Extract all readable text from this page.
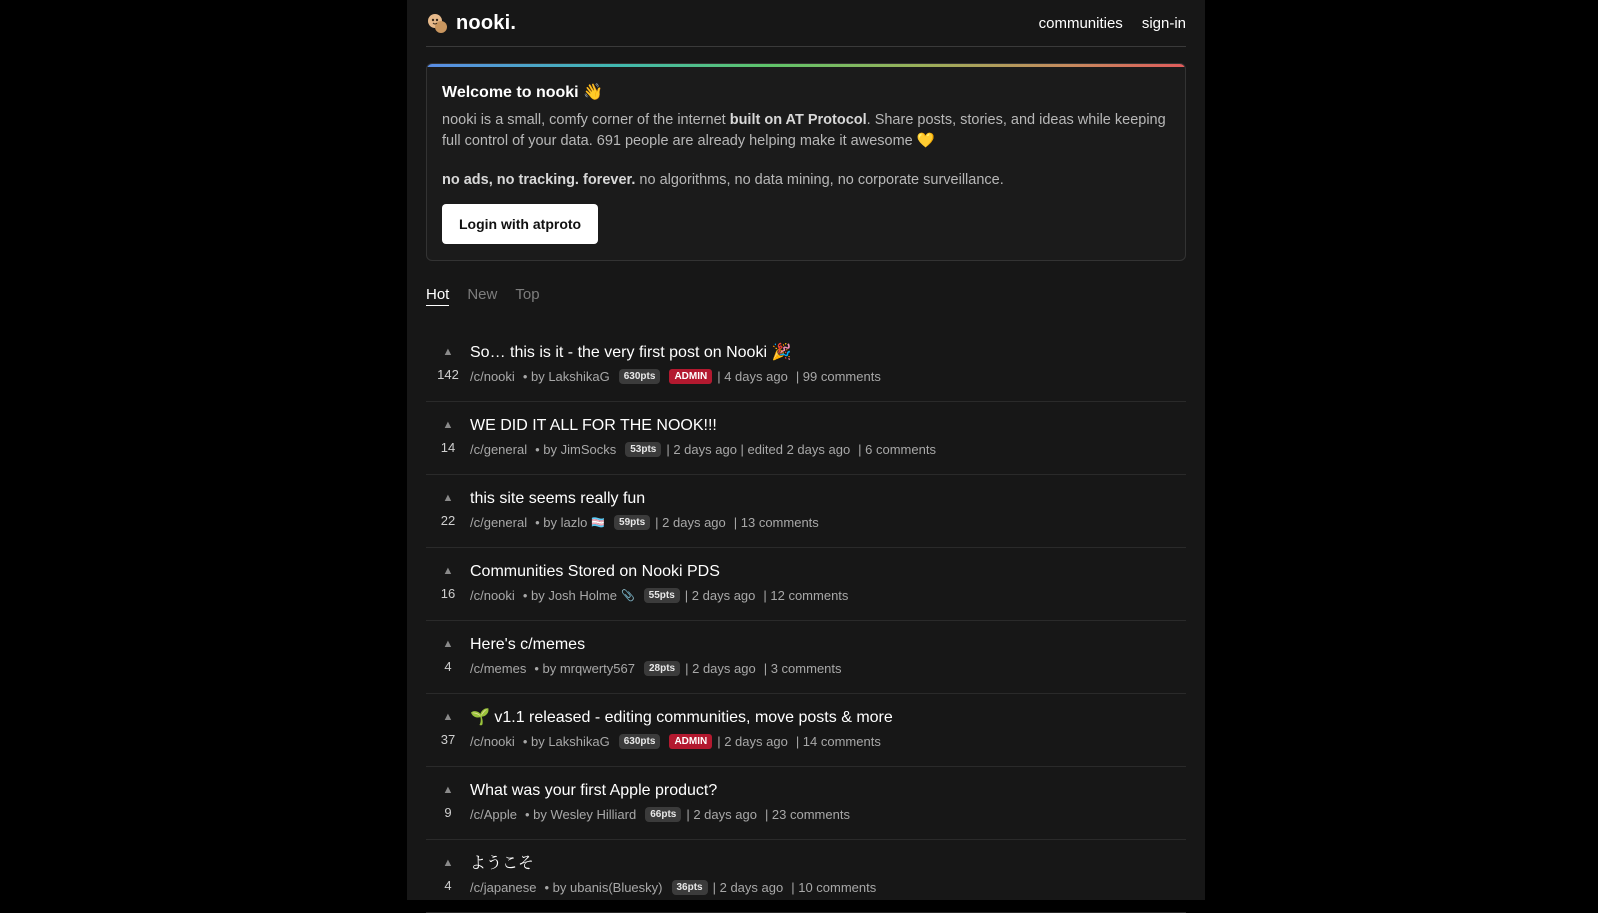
nooki.	communities sign-in
Welcome to nooki 👋

nooki is a small, comfy corner of the internet built on AT Protocol. Share posts, stories, and ideas while keeping full control of your data. 691 people are already helping make it awesome 💛

no ads, no tracking. forever. no algorithms, no data mining, no corporate surveillance.

Login with atproto
Hot New Top
▲
142
So… this is it - the very first post on Nooki 🎉
/c/nooki • by LakshikaG	630pts	ADMIN | 4 days ago | 99 comments
▲
14
WE DID IT ALL FOR THE NOOK!!!
/c/general • by JimSocks	53pts | 2 days ago | edited 2 days ago | 6 comments
▲
22
this site seems really fun
/c/general • by lazlo 🏳️‍⚧️	59pts | 2 days ago | 13 comments
▲
16
Communities Stored on Nooki PDS
/c/nooki • by Josh Holme 📎	55pts | 2 days ago | 12 comments
▲
4
Here's c/memes
/c/memes • by mrqwerty567	28pts | 2 days ago | 3 comments
▲
37
🌱 v1.1 released - editing communities, move posts & more
/c/nooki • by LakshikaG	630pts	ADMIN | 2 days ago | 14 comments
▲
9
What was your first Apple product?
/c/Apple • by Wesley Hilliard	66pts | 2 days ago | 23 comments
▲
4
ようこそ
/c/japanese • by ubanis(Bluesky)	36pts | 2 days ago | 10 comments
